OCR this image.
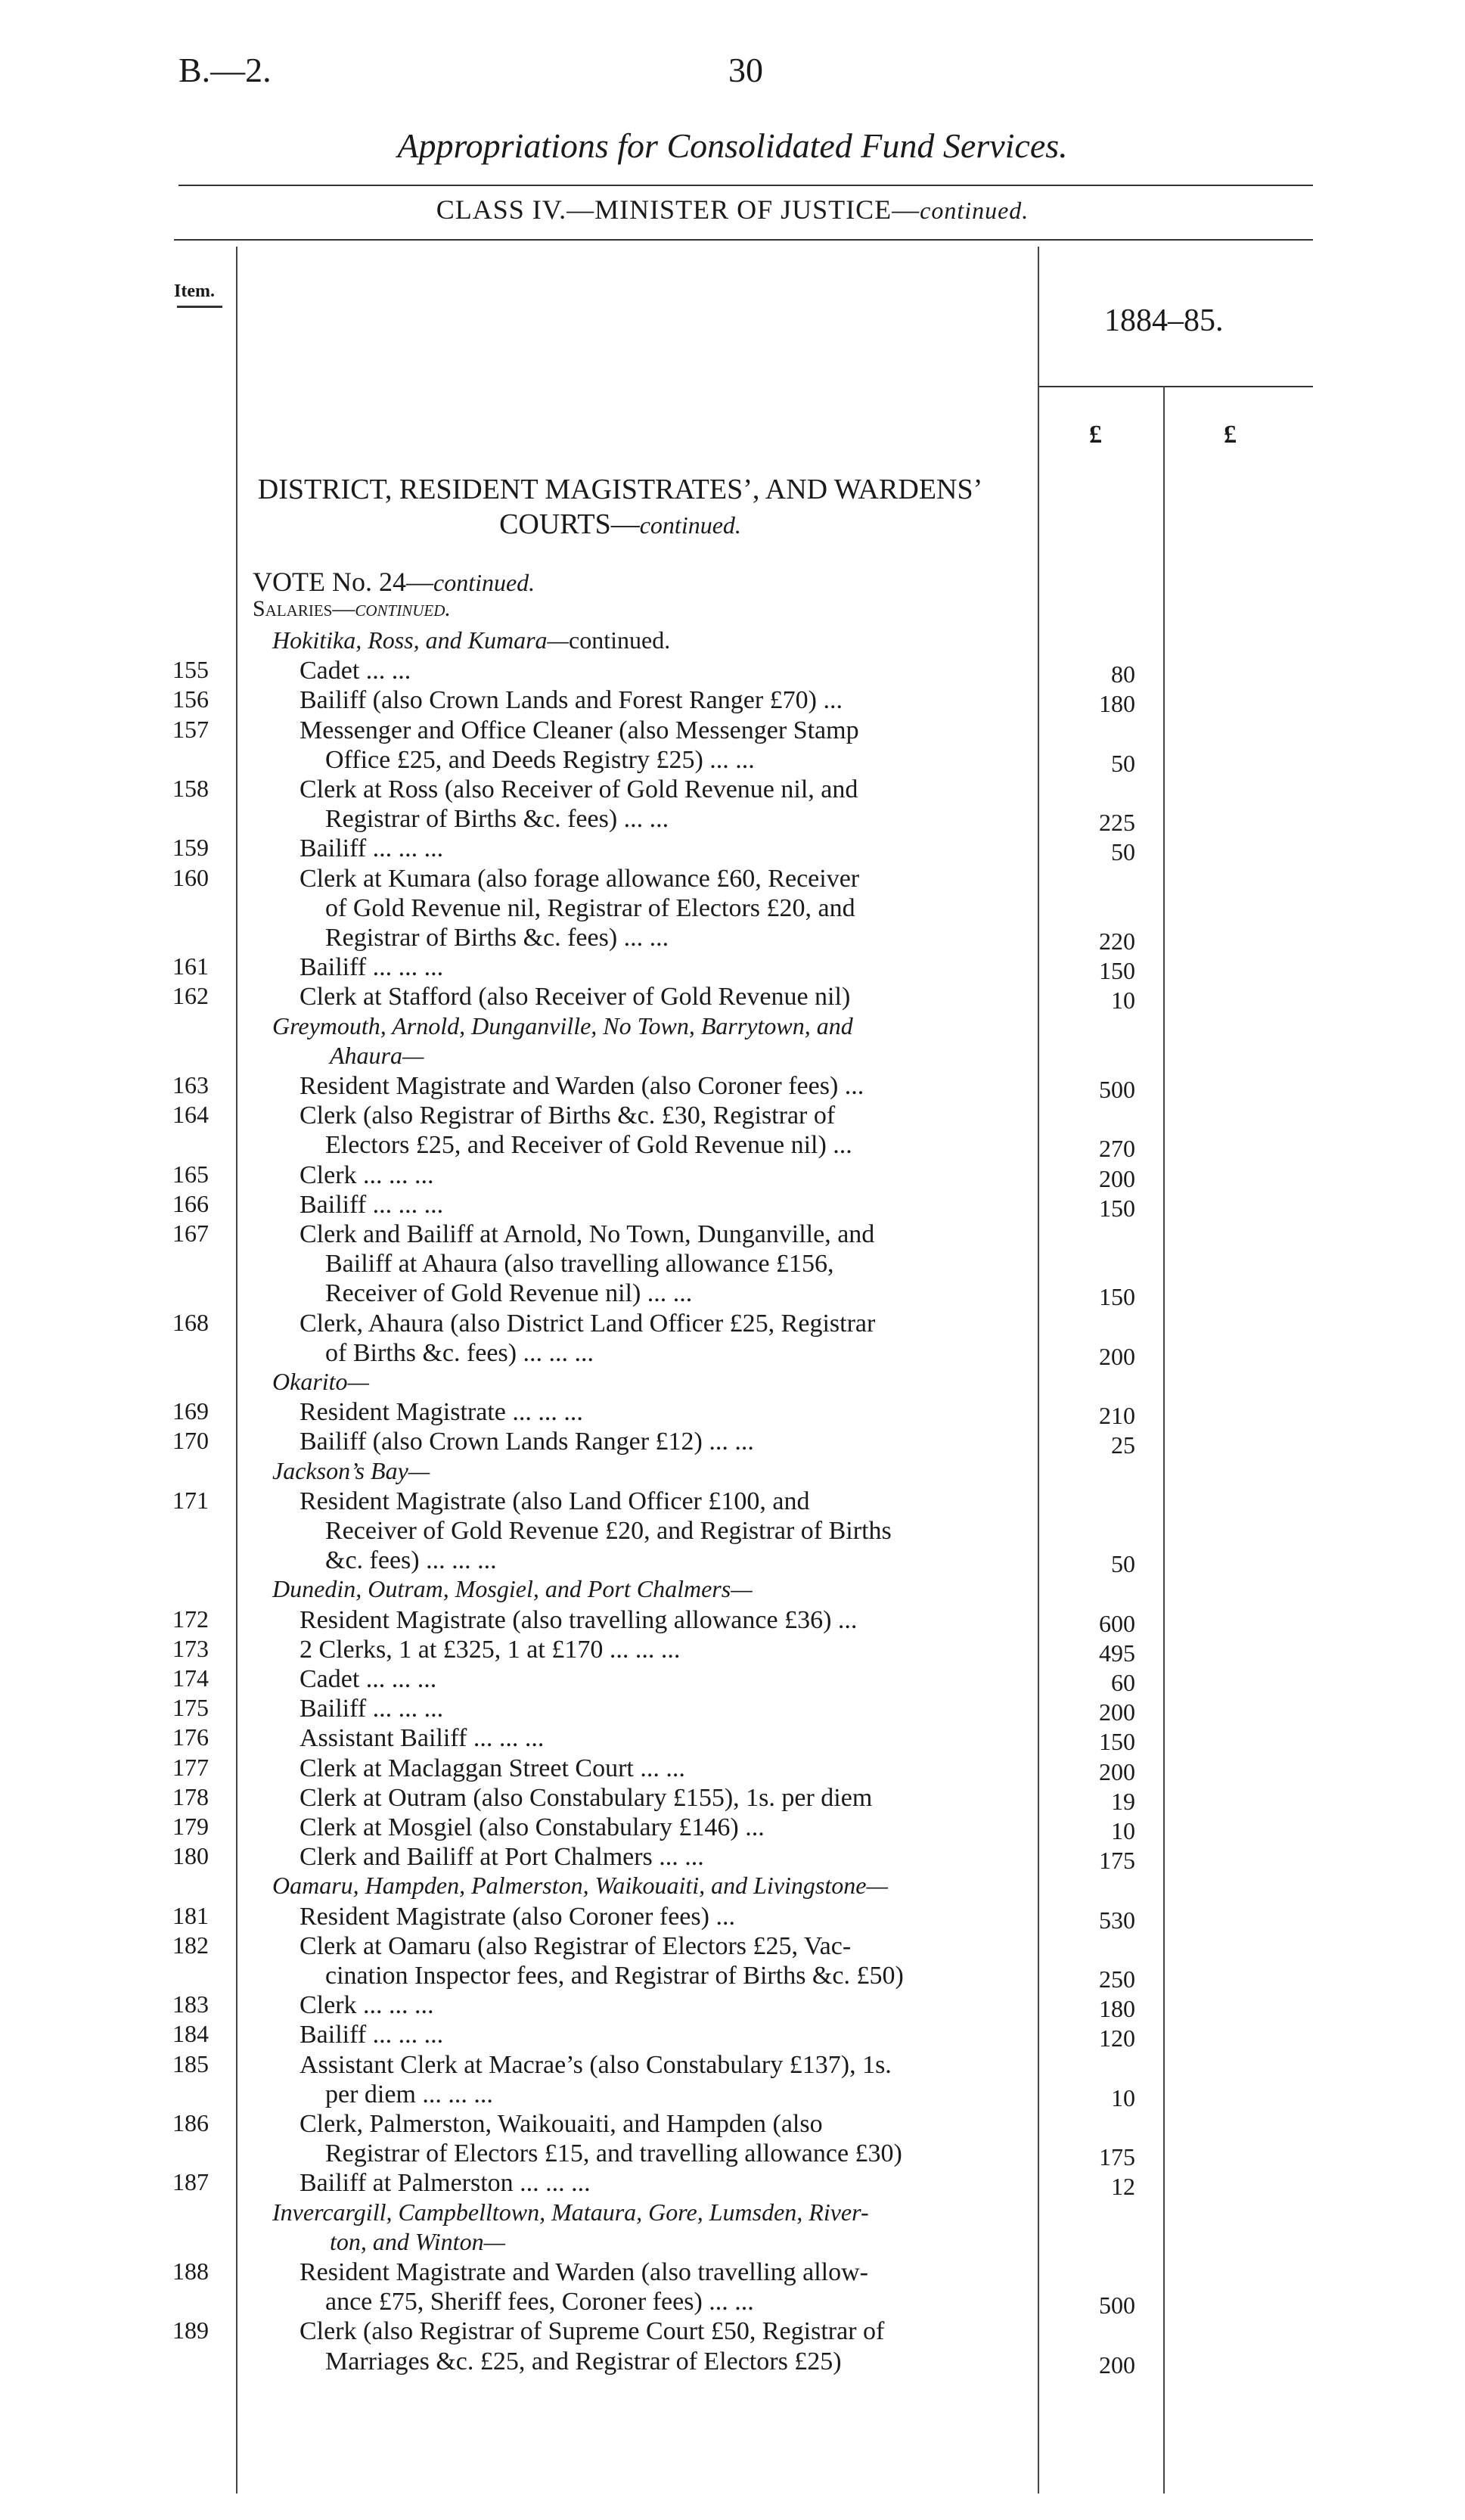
B.—2.	30
Appropriations for Consolidated Fund Services.
CLASS IV.—MINISTER OF JUSTICE—continued.
Item.
1884–85.
£	£
DISTRICT, RESIDENT MAGISTRATES’, AND WARDENS’ COURTS—continued.
VOTE No. 24—continued.
Salaries—continued.
Hokitika, Ross, and Kumara—continued.
155	Cadet ... ...	80
156	Bailiff (also Crown Lands and Forest Ranger £70) ...	180
157	Messenger and Office Cleaner (also Messenger Stamp
Office £25, and Deeds Registry £25) ... ...	50
158	Clerk at Ross (also Receiver of Gold Revenue nil, and
Registrar of Births &c. fees) ... ...	225
159	Bailiff ... ... ...	50
160	Clerk at Kumara (also forage allowance £60, Receiver
of Gold Revenue nil, Registrar of Electors £20, and
Registrar of Births &c. fees) ... ...	220
161	Bailiff ... ... ...	150
162	Clerk at Stafford (also Receiver of Gold Revenue nil)	10
Greymouth, Arnold, Dunganville, No Town, Barrytown, and
Ahaura—
163	Resident Magistrate and Warden (also Coroner fees) ...	500
164	Clerk (also Registrar of Births &c. £30, Registrar of
Electors £25, and Receiver of Gold Revenue nil) ...	270
165	Clerk ... ... ...	200
166	Bailiff ... ... ...	150
167	Clerk and Bailiff at Arnold, No Town, Dunganville, and
Bailiff at Ahaura (also travelling allowance £156,
Receiver of Gold Revenue nil) ... ...	150
168	Clerk, Ahaura (also District Land Officer £25, Registrar
of Births &c. fees) ... ... ...	200
Okarito—
169	Resident Magistrate ... ... ...	210
170	Bailiff (also Crown Lands Ranger £12) ... ...	25
Jackson’s Bay—
171	Resident Magistrate (also Land Officer £100, and
Receiver of Gold Revenue £20, and Registrar of Births
&c. fees) ... ... ...	50
Dunedin, Outram, Mosgiel, and Port Chalmers—
172	Resident Magistrate (also travelling allowance £36) ...	600
173	2 Clerks, 1 at £325, 1 at £170 ... ... ...	495
174	Cadet ... ... ...	60
175	Bailiff ... ... ...	200
176	Assistant Bailiff ... ... ...	150
177	Clerk at Maclaggan Street Court ... ...	200
178	Clerk at Outram (also Constabulary £155), 1s. per diem	19
179	Clerk at Mosgiel (also Constabulary £146) ...	10
180	Clerk and Bailiff at Port Chalmers ... ...	175
Oamaru, Hampden, Palmerston, Waikouaiti, and Livingstone—
181	Resident Magistrate (also Coroner fees) ...	530
182	Clerk at Oamaru (also Registrar of Electors £25, Vac-
cination Inspector fees, and Registrar of Births &c. £50)	250
183	Clerk ... ... ...	180
184	Bailiff ... ... ...	120
185	Assistant Clerk at Macrae’s (also Constabulary £137), 1s.
per diem ... ... ...	10
186	Clerk, Palmerston, Waikouaiti, and Hampden (also
Registrar of Electors £15, and travelling allowance £30)	175
187	Bailiff at Palmerston ... ... ...	12
Invercargill, Campbelltown, Mataura, Gore, Lumsden, River-
ton, and Winton—
188	Resident Magistrate and Warden (also travelling allow-
ance £75, Sheriff fees, Coroner fees) ... ...	500
189	Clerk (also Registrar of Supreme Court £50, Registrar of
Marriages &c. £25, and Registrar of Electors £25)	200
